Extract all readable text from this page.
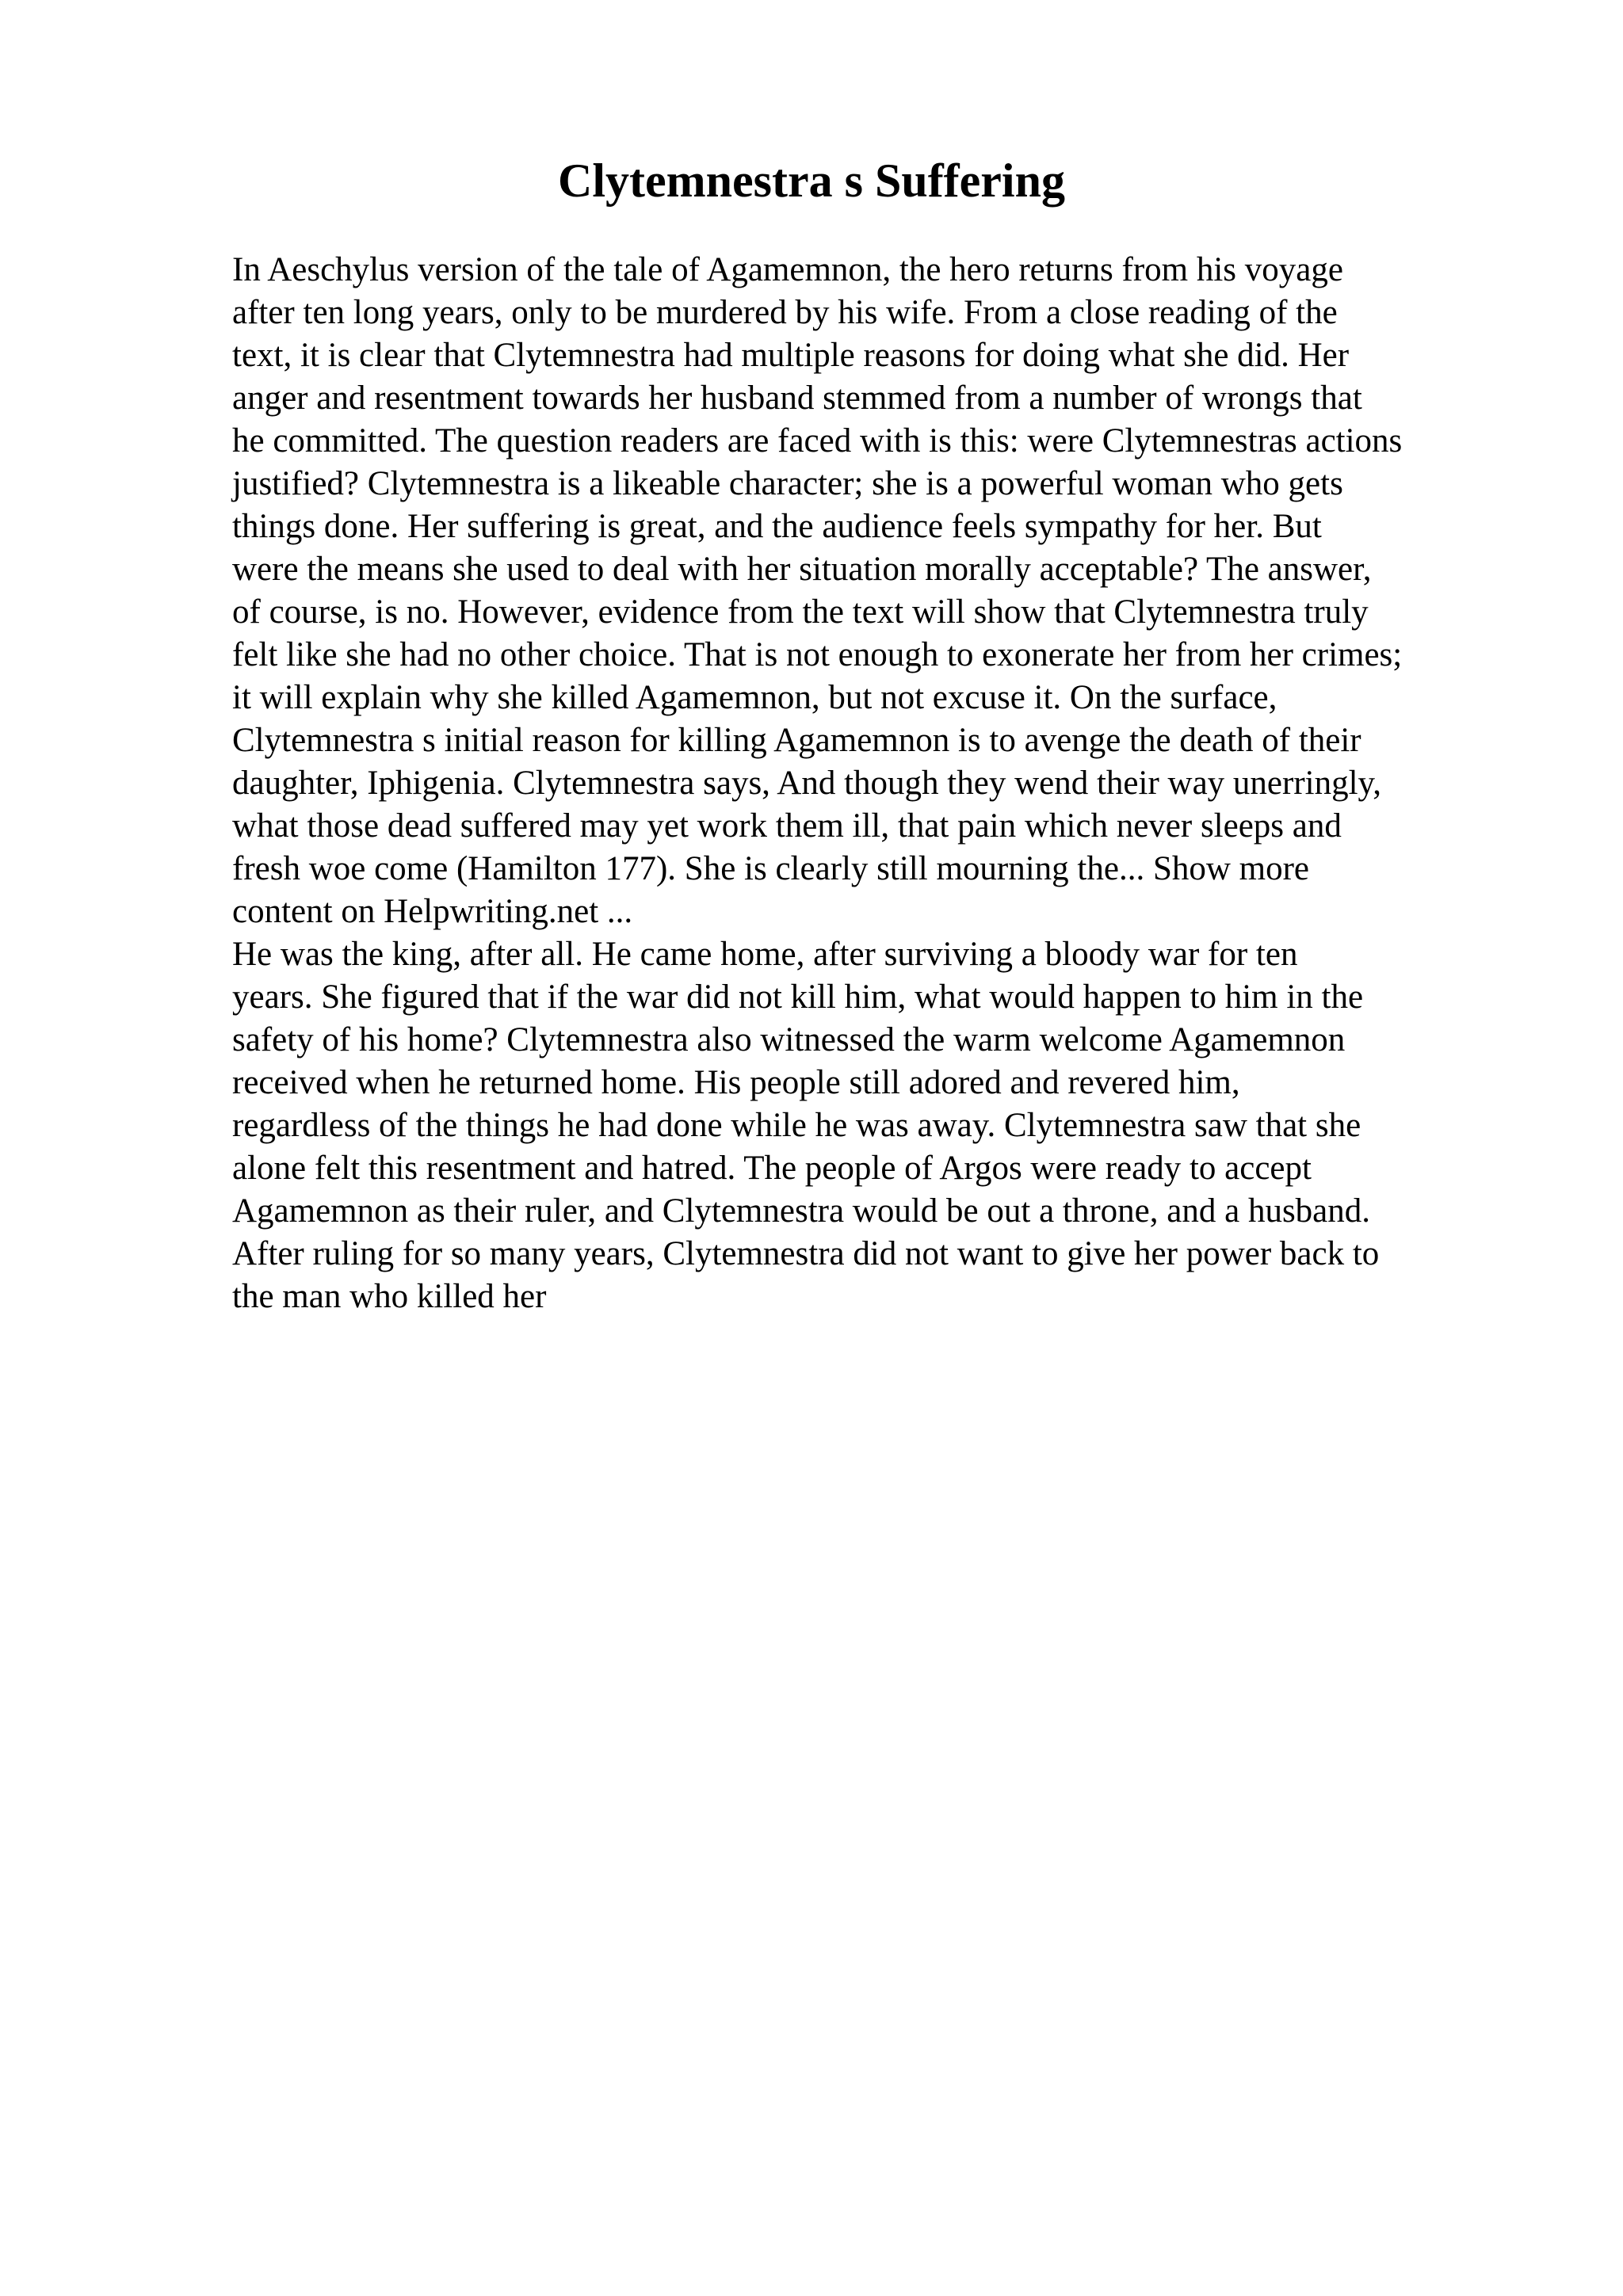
Clytemnestra s Suffering
In Aeschylus version of the tale of Agamemnon, the hero returns from his voyage
after ten long years, only to be murdered by his wife. From a close reading of the
text, it is clear that Clytemnestra had multiple reasons for doing what she did. Her
anger and resentment towards her husband stemmed from a number of wrongs that
he committed. The question readers are faced with is this: were Clytemnestras actions
justified? Clytemnestra is a likeable character; she is a powerful woman who gets
things done. Her suffering is great, and the audience feels sympathy for her. But
were the means she used to deal with her situation morally acceptable? The answer,
of course, is no. However, evidence from the text will show that Clytemnestra truly
felt like she had no other choice. That is not enough to exonerate her from her crimes;
it will explain why she killed Agamemnon, but not excuse it. On the surface,
Clytemnestra s initial reason for killing Agamemnon is to avenge the death of their
daughter, Iphigenia. Clytemnestra says, And though they wend their way unerringly,
what those dead suffered may yet work them ill, that pain which never sleeps and
fresh woe come (Hamilton 177). She is clearly still mourning the... Show more
content on Helpwriting.net ...
He was the king, after all. He came home, after surviving a bloody war for ten
years. She figured that if the war did not kill him, what would happen to him in the
safety of his home? Clytemnestra also witnessed the warm welcome Agamemnon
received when he returned home. His people still adored and revered him,
regardless of the things he had done while he was away. Clytemnestra saw that she
alone felt this resentment and hatred. The people of Argos were ready to accept
Agamemnon as their ruler, and Clytemnestra would be out a throne, and a husband.
After ruling for so many years, Clytemnestra did not want to give her power back to
the man who killed her
